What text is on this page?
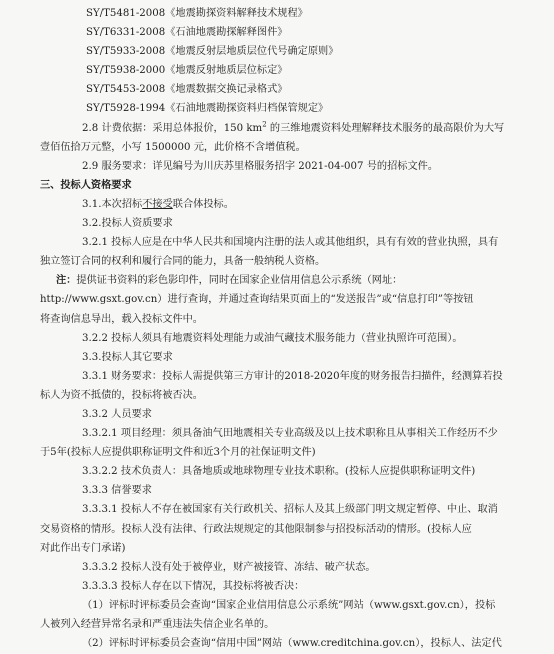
SY/T5481-2008《地震勘探资料解释技术规程》
SY/T6331-2008《石油地震勘探解释图件》
SY/T5933-2008《地震反射层地质层位代号确定原则》
SY/T5938-2000《地震反射地质层位标定》
SY/T5453-2008《地震数据交换记录格式》
SY/T5928-1994《石油地震勘探资料归档保管规定》
2.8 计费依据：采用总体报价，150 $km^2$ 的三维地震资料处理解释技术服务的最高限价为大写
壹佰伍拾万元整，小写 1500000 元，此价格不含增值税。
2.9 服务要求：详见编号为川庆苏里格服务招字 2021-04-007 号的招标文件。
三、投标人资格要求
3.1.本次招标不接受联合体投标。
3.2.投标人资质要求
3.2.1 投标人应是在中华人民共和国境内注册的法人或其他组织，具有有效的营业执照，具有
独立签订合同的权利和履行合同的能力，具备一般纳税人资格。
注：提供证书资料的彩色影印件，同时在国家企业信用信息公示系统（网址：
http://www.gsxt.gov.cn）进行查询，并通过查询结果页面上的“发送报告”或“信息打印”等按钮
将查询信息导出，载入投标文件中。
3.2.2 投标人须具有地震资料处理能力或油气藏技术服务能力（营业执照许可范围）。
3.3.投标人其它要求
3.3.1 财务要求：投标人需提供第三方审计的2018-2020年度的财务报告扫描件，经测算若投
标人为资不抵债的，投标将被否决。
3.3.2 人员要求
3.3.2.1 项目经理：须具备油气田地震相关专业高级及以上技术职称且从事相关工作经历不少
于5年(投标人应提供职称证明文件和近3个月的社保证明文件)
3.3.2.2 技术负责人：具备地质或地球物理专业技术职称。(投标人应提供职称证明文件)
3.3.3 信誉要求
3.3.3.1 投标人不存在被国家有关行政机关、招标人及其上级部门明文规定暂停、中止、取消
交易资格的情形。投标人没有法律、行政法规规定的其他限制参与招投标活动的情形。(投标人应
对此作出专门承诺)
3.3.3.2 投标人没有处于被停业，财产被接管、冻结、破产状态。
3.3.3.3 投标人存在以下情况，其投标将被否决：
（1）评标时评标委员会查询“国家企业信用信息公示系统”网站（www.gsxt.gov.cn），投标
人被列入经营异常名录和严重违法失信企业名单的。
（2）评标时评标委员会查询“信用中国”网站（www.creditchina.gov.cn），投标人、法定代
